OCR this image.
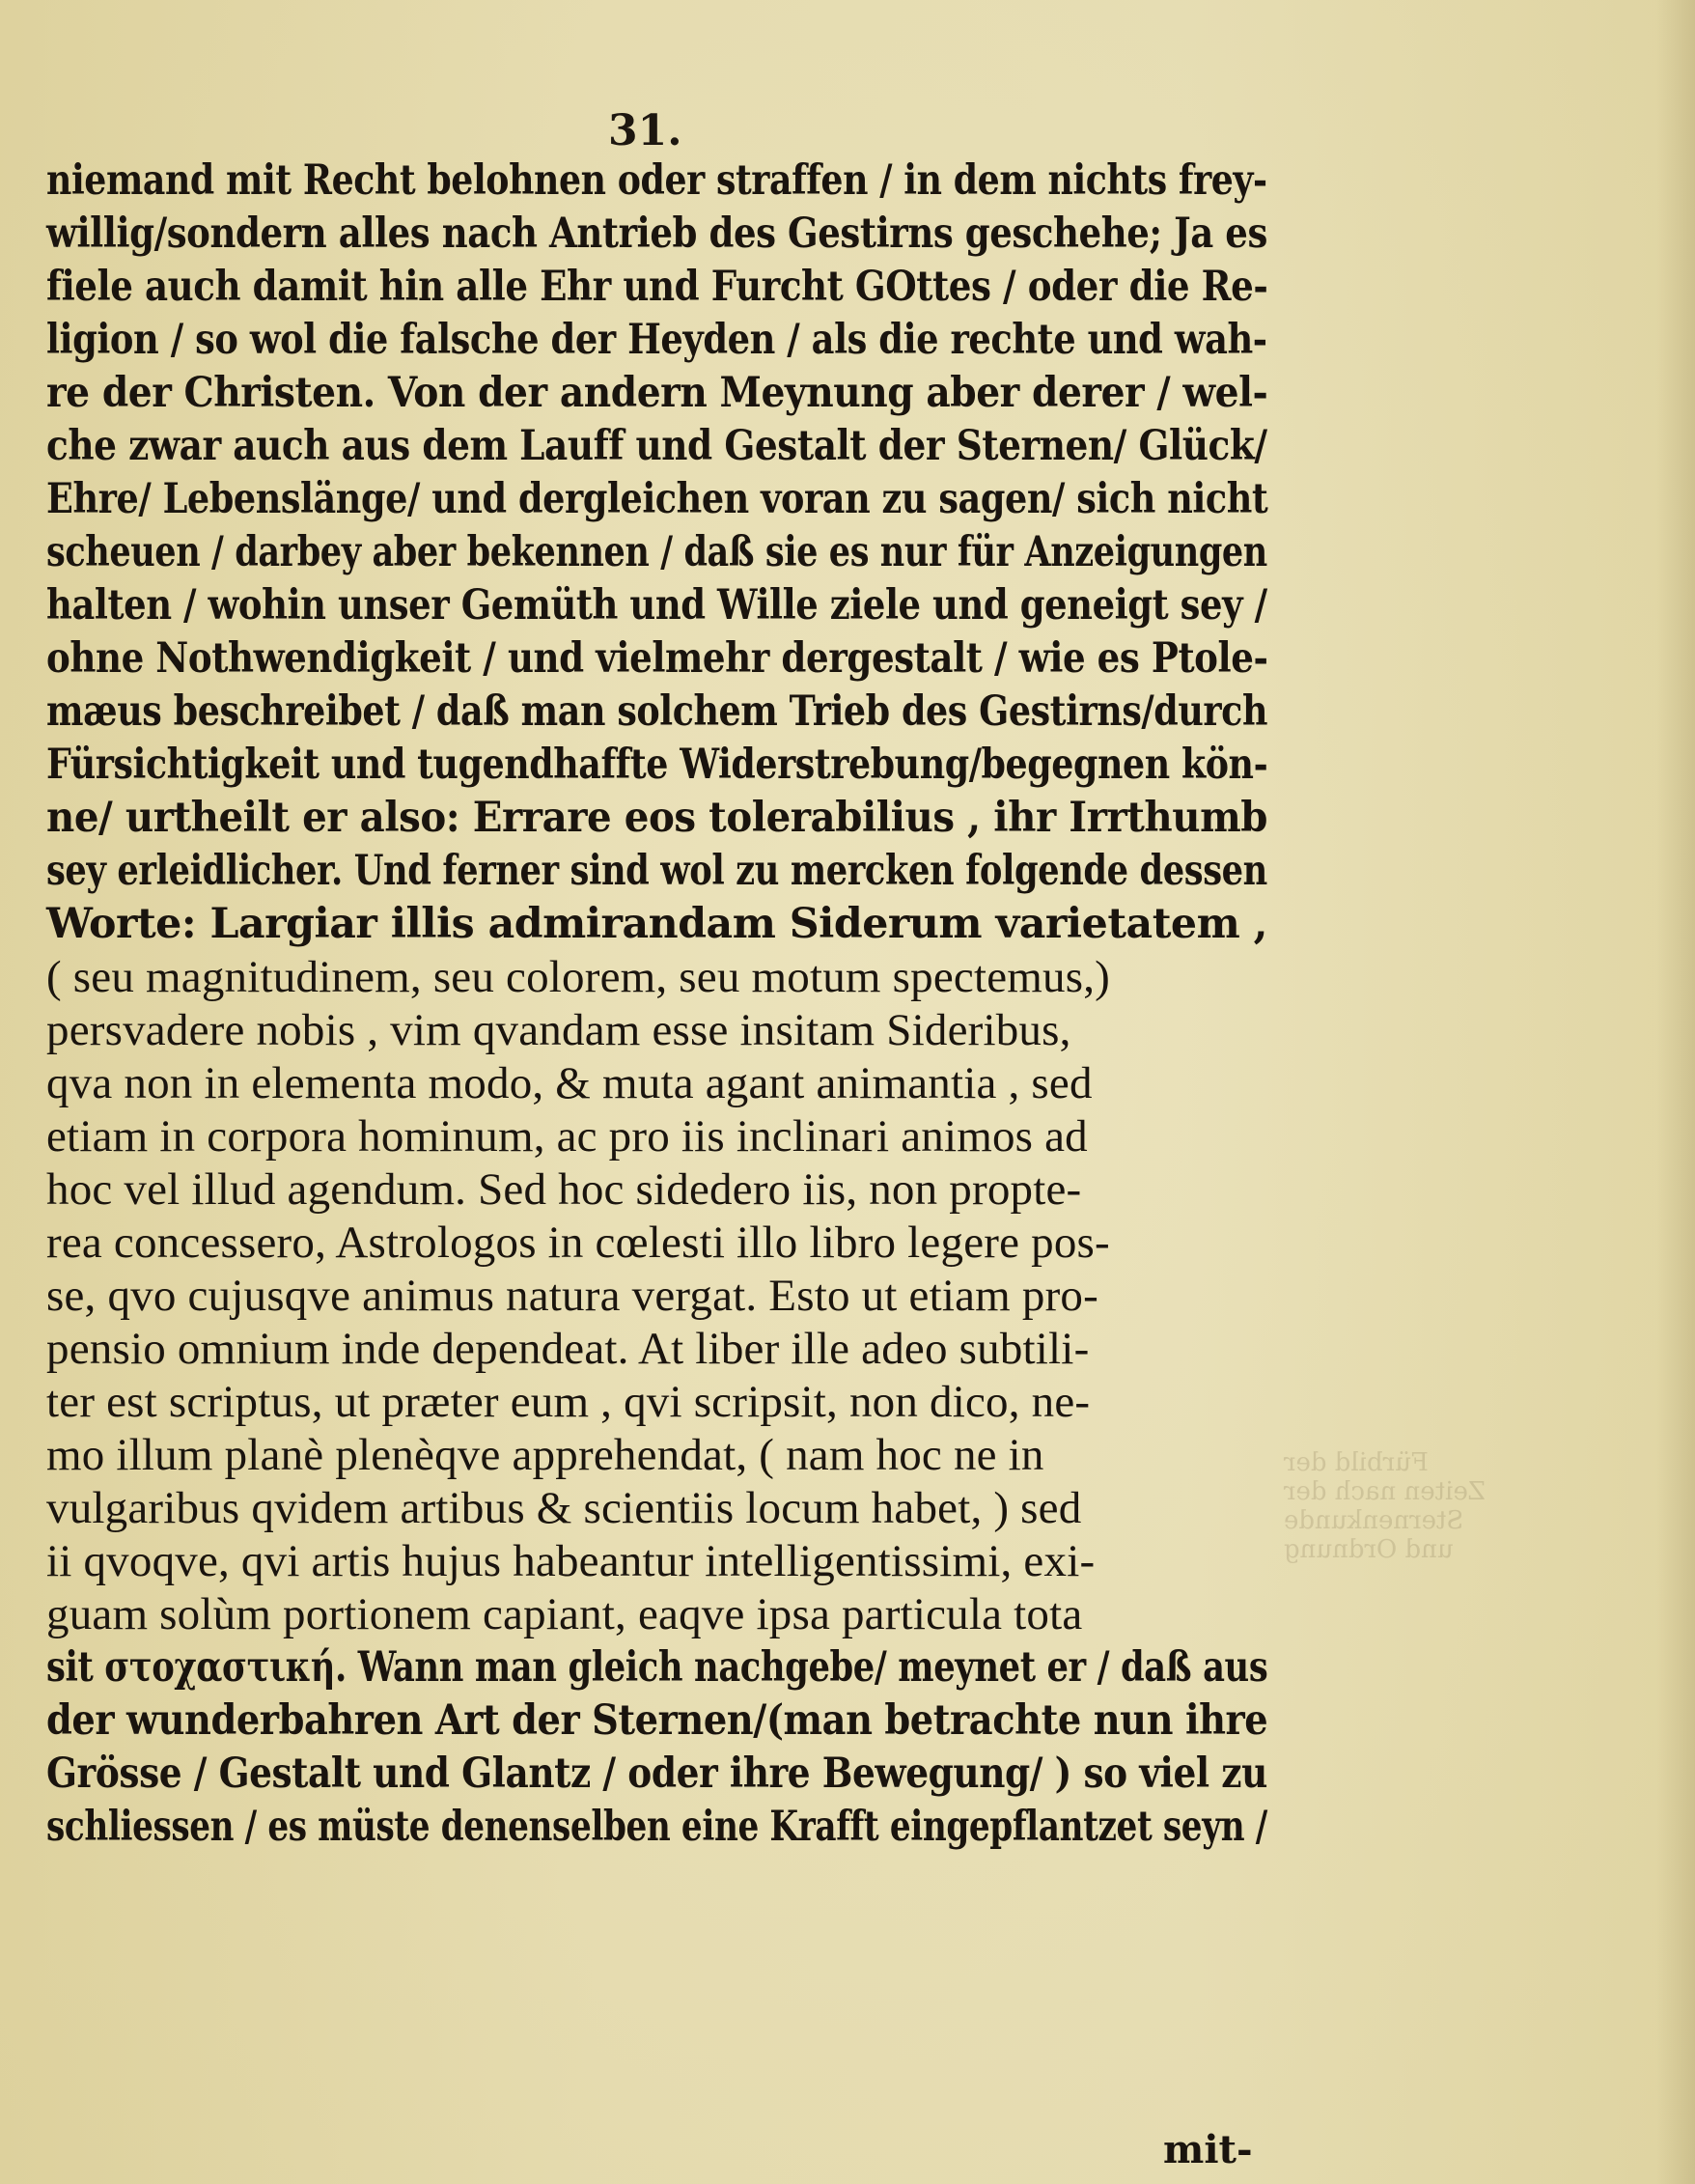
Fürbild der
Zeiten nach der
Sternenkunde
und Ordnung
31.
niemand mit Recht belohnen oder straffen / in dem nichts frey-
willig/sondern alles nach Antrieb des Gestirns geschehe; Ja es
fiele auch damit hin alle Ehr und Furcht GOttes / oder die Re-
ligion / so wol die falsche der Heyden / als die rechte und wah-
re der Christen. Von der andern Meynung aber derer / wel-
che zwar auch aus dem Lauff und Gestalt der Sternen/ Glück/
Ehre/ Lebenslänge/ und dergleichen voran zu sagen/ sich nicht
scheuen / darbey aber bekennen / daß sie es nur für Anzeigungen
halten / wohin unser Gemüth und Wille ziele und geneigt sey /
ohne Nothwendigkeit / und vielmehr dergestalt / wie es Ptole-
mæus beschreibet / daß man solchem Trieb des Gestirns/durch
Fürsichtigkeit und tugendhaffte Widerstrebung/begegnen kön-
ne/ urtheilt er also: Errare eos tolerabilius , ihr Irrthumb
sey erleidlicher. Und ferner sind wol zu mercken folgende dessen
Worte: Largiar illis admirandam Siderum varietatem ,
( seu magnitudinem, seu colorem, seu motum spectemus,)
persvadere nobis , vim qvandam esse insitam Sideribus,
qva non in elementa modo, & muta agant animantia , sed
etiam in corpora hominum, ac pro iis inclinari animos ad
hoc vel illud agendum. Sed hoc sidedero iis, non propte-
rea concessero, Astrologos in cœlesti illo libro legere pos-
se, qvo cujusqve animus natura vergat. Esto ut etiam pro-
pensio omnium inde dependeat. At liber ille adeo subtili-
ter est scriptus, ut præter eum , qvi scripsit, non dico, ne-
mo illum planè plenèqve apprehendat, ( nam hoc ne in
vulgaribus qvidem artibus & scientiis locum habet, ) sed
ii qvoqve, qvi artis hujus habeantur intelligentissimi, exi-
guam solùm portionem capiant, eaqve ipsa particula tota
sit στοχαστική. Wann man gleich nachgebe/ meynet er / daß aus
der wunderbahren Art der Sternen/(man betrachte nun ihre
Grösse / Gestalt und Glantz / oder ihre Bewegung/ ) so viel zu
schliessen / es müste denenselben eine Krafft eingepflantzet seyn /
mit-
